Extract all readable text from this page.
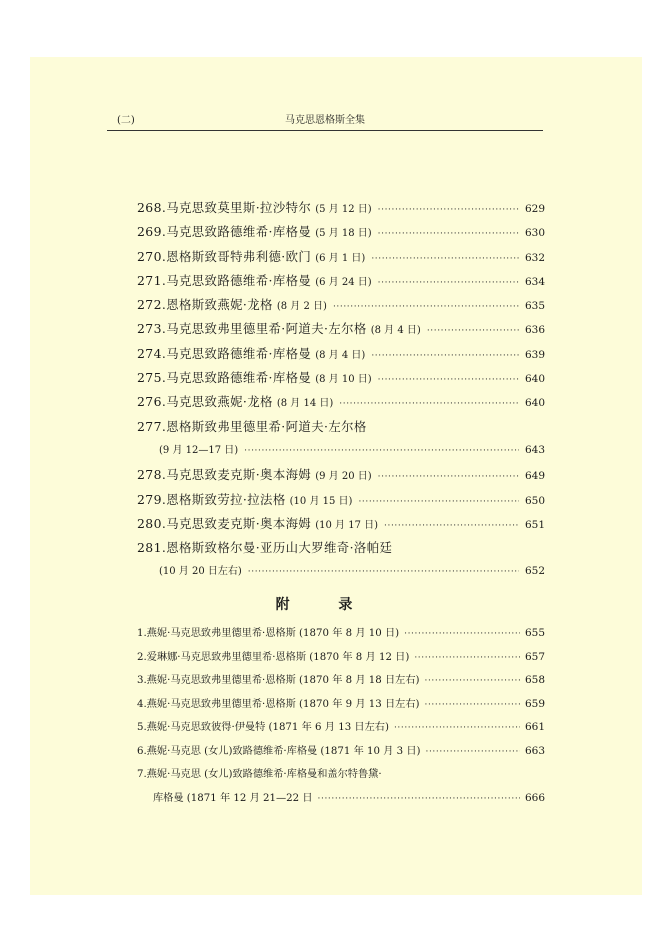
(二)	马克思恩格斯全集
268.马克思致莫里斯·拉沙特尔 (5 月 12 日) ·····	629
269.马克思致路德维希·库格曼 (5 月 18 日) ·····	630
270.恩格斯致哥特弗利德·欧门 (6 月 1 日) ·····	632
271.马克思致路德维希·库格曼 (6 月 24 日) ·····	634
272.恩格斯致燕妮·龙格 (8 月 2 日) ·····	635
273.马克思致弗里德里希·阿道夫·左尔格 (8 月 4 日) ·····	636
274.马克思致路德维希·库格曼 (8 月 4 日) ·····	639
275.马克思致路德维希·库格曼 (8 月 10 日) ·····	640
276.马克思致燕妮·龙格 (8 月 14 日) ·····	640
277.恩格斯致弗里德里希·阿道夫·左尔格
(9 月 12—17 日) ·····	643
278.马克思致麦克斯·奥本海姆 (9 月 20 日) ·····	649
279.恩格斯致劳拉·拉法格 (10 月 15 日) ·····	650
280.马克思致麦克斯·奥本海姆 (10 月 17 日) ·····	651
281.恩格斯致格尔曼·亚历山大罗维奇·洛帕廷
(10 月 20 日左右) ·····	652
附 录
1.燕妮·马克思致弗里德里希·恩格斯 (1870 年 8 月 10 日) ·····	655
2.爱琳娜·马克思致弗里德里希·恩格斯 (1870 年 8 月 12 日) ·····	657
3.燕妮·马克思致弗里德里希·恩格斯 (1870 年 8 月 18 日左右) ·····	658
4.燕妮·马克思致弗里德里希·恩格斯 (1870 年 9 月 13 日左右) ·····	659
5.燕妮·马克思致彼得·伊曼特 (1871 年 6 月 13 日左右) ·····	661
6.燕妮·马克思 (女儿)致路德维希·库格曼 (1871 年 10 月 3 日) ·····	663
7.燕妮·马克思 (女儿)致路德维希·库格曼和盖尔特鲁黛·
库格曼 (1871 年 12 月 21—22 日 ·····	666
